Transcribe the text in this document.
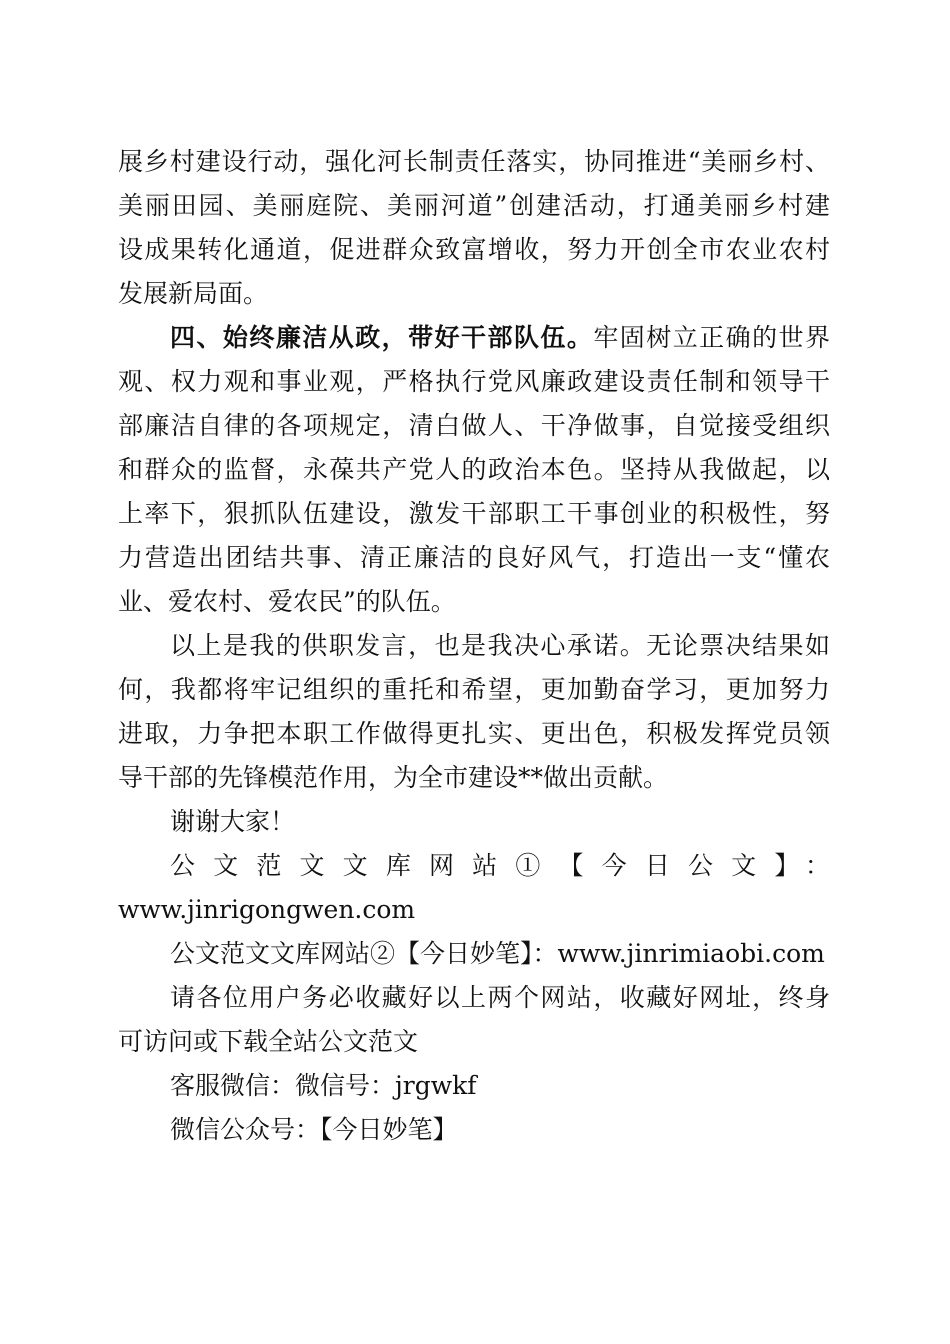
展乡村建设行动，强化河长制责任落实，协同推进“美丽乡村、
美丽田园、美丽庭院、美丽河道”创建活动，打通美丽乡村建
设成果转化通道，促进群众致富增收，努力开创全市农业农村
发展新局面。
四、始终廉洁从政，带好干部队伍。牢固树立正确的世界
观、权力观和事业观，严格执行党风廉政建设责任制和领导干
部廉洁自律的各项规定，清白做人、干净做事，自觉接受组织
和群众的监督，永葆共产党人的政治本色。坚持从我做起，以
上率下，狠抓队伍建设，激发干部职工干事创业的积极性，努
力营造出团结共事、清正廉洁的良好风气，打造出一支“懂农
业、爱农村、爱农民”的队伍。
以上是我的供职发言，也是我决心承诺。无论票决结果如
何，我都将牢记组织的重托和希望，更加勤奋学习，更加努力
进取，力争把本职工作做得更扎实、更出色，积极发挥党员领
导干部的先锋模范作用，为全市建设**做出贡献。
谢谢大家！
公文范文文库网站①【今日公文】：
www.jinrigongwen.com
公文范文文库网站②【今日妙笔】：www.jinrimiaobi.com
请各位用户务必收藏好以上两个网站，收藏好网址，终身
可访问或下载全站公文范文
客服微信：微信号：jrgwkf
微信公众号：【今日妙笔】
